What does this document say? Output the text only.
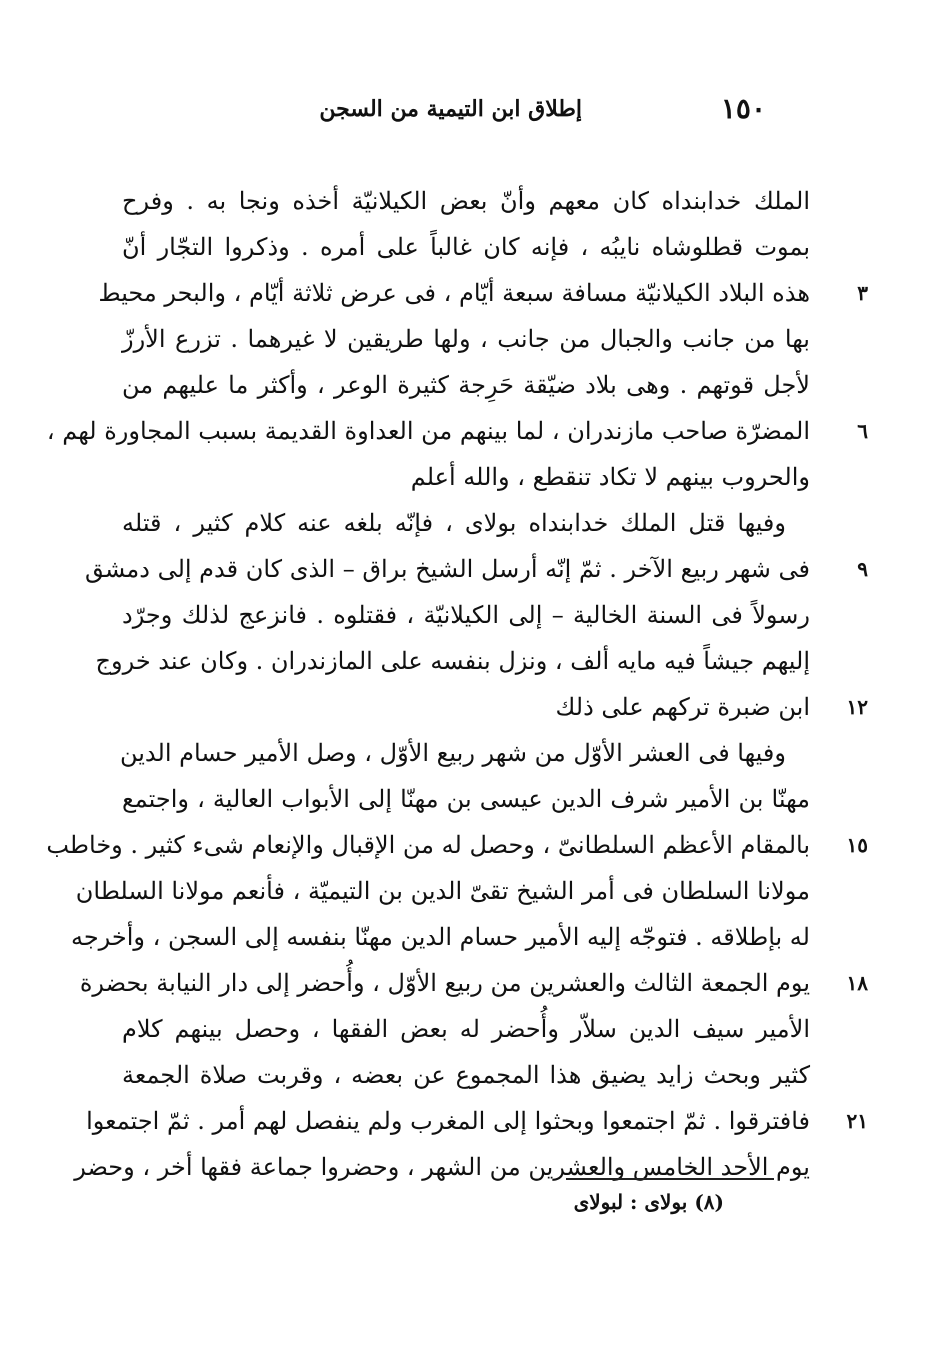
١٥٠
إطلاق ابن التيمية من السجن
الملك خدابنداه كان معهم وأنّ بعض الكيلانيّة أخذه ونجا به . وفرح
بموت قطلوشاه نايبُه ، فإنه كان غالباً على أمره . وذكروا التجّار أنّ
٣
هذه البلاد الكيلانيّة مسافة سبعة أيّام ، فى عرض ثلاثة أيّام ، والبحر محيط
بها من جانب والجبال من جانب ، ولها طريقين لا غيرهما . تزرع الأرزّ
لأجل قوتهم . وهى بلاد ضيّقة حَرِجة كثيرة الوعر ، وأكثر ما عليهم من
٦
المضرّة صاحب مازندران ، لما بينهم من العداوة القديمة بسبب المجاورة لهم ،
والحروب بينهم لا تكاد تنقطع ، والله أعلم
وفيها قتل الملك خدابنداه بولاى ، فإنّه بلغه عنه كلام كثير ، قتله
٩
فى شهر ربيع الآخر . ثمّ إنّه أرسل الشيخ براق – الذى كان قدم إلى دمشق
رسولاً فى السنة الخالية – إلى الكيلانيّة ، فقتلوه . فانزعج لذلك وجرّد
إليهم جيشاً فيه مايه ألف ، ونزل بنفسه على المازندران . وكان عند خروج
١٢
ابن ضبرة تركهم على ذلك
وفيها فى العشر الأوّل من شهر ربيع الأوّل ، وصل الأمير حسام الدين
مهنّا بن الأمير شرف الدين عيسى بن مهنّا إلى الأبواب العالية ، واجتمع
١٥
بالمقام الأعظم السلطانىّ ، وحصل له من الإقبال والإنعام شىء كثير . وخاطب
مولانا السلطان فى أمر الشيخ تقىّ الدين بن التيميّة ، فأنعم مولانا السلطان
له بإطلاقه . فتوجّه إليه الأمير حسام الدين مهنّا بنفسه إلى السجن ، وأخرجه
١٨
يوم الجمعة الثالث والعشرين من ربيع الأوّل ، وأُحضر إلى دار النيابة بحضرة
الأمير سيف الدين سلاّر وأُحضر له بعض الفقها ، وحصل بينهم كلام
كثير وبحث زايد يضيق هذا المجموع عن بعضه ، وقربت صلاة الجمعة
٢١
فافترقوا . ثمّ اجتمعوا وبحثوا إلى المغرب ولم ينفصل لهم أمر . ثمّ اجتمعوا
يوم الأحد الخامس والعشرين من الشهر ، وحضروا جماعة فقها أخر ، وحضر
(٨) بولاى : لبولاى
